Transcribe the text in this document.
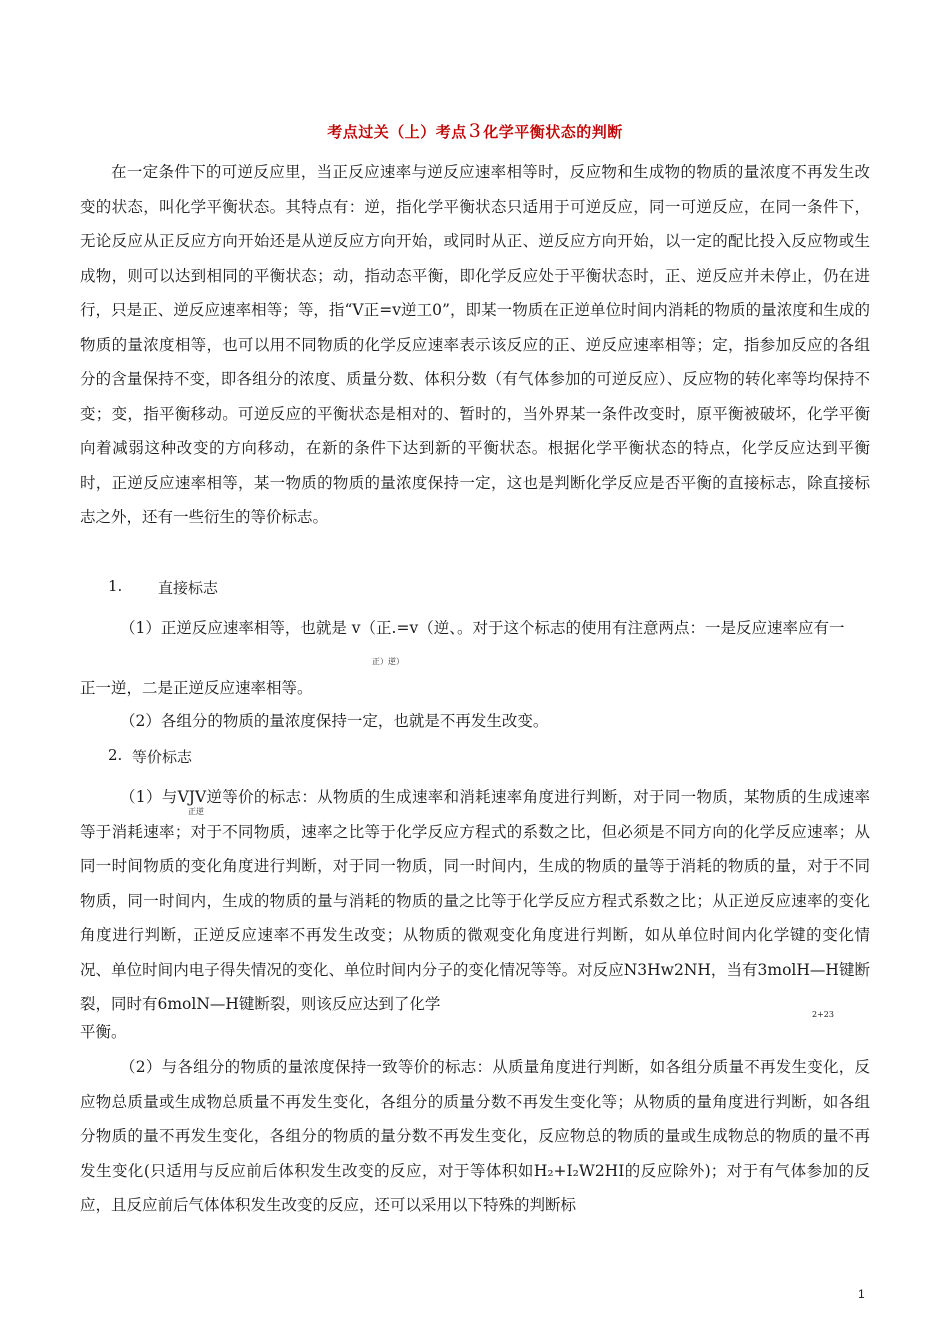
考点过关（上）考点 3 化学平衡状态的判断
在一定条件下的可逆反应里，当正反应速率与逆反应速率相等时，反应物和生成物的物质的量浓度不再发生改变的状态，叫化学平衡状态。其特点有：逆，指化学平衡状态只适用于可逆反应，同一可逆反应，在同一条件下，无论反应从正反应方向开始还是从逆反应方向开始，或同时从正、逆反应方向开始，以一定的配比投入反应物或生成物，则可以达到相同的平衡状态；动，指动态平衡，即化学反应处于平衡状态时，正、逆反应并未停止，仍在进行，只是正、逆反应速率相等；等，指“V正=v逆工0”，即某一物质在正逆单位时间内消耗的物质的量浓度和生成的物质的量浓度相等，也可以用不同物质的化学反应速率表示该反应的正、逆反应速率相等；定，指参加反应的各组分的含量保持不变，即各组分的浓度、质量分数、体积分数（有气体参加的可逆反应）、反应物的转化率等均保持不变；变，指平衡移动。可逆反应的平衡状态是相对的、暂时的，当外界某一条件改变时，原平衡被破坏，化学平衡向着减弱这种改变的方向移动，在新的条件下达到新的平衡状态。根据化学平衡状态的特点，化学反应达到平衡时，正逆反应速率相等，某一物质的物质的量浓度保持一定，这也是判断化学反应是否平衡的直接标志，除直接标志之外，还有一些衍生的等价标志。
1. 直接标志
（1）正逆反应速率相等，也就是 v（正.=v（逆、。对于这个标志的使用有注意两点：一是反应速率应有一
正）逆）
正一逆，二是正逆反应速率相等。
（2）各组分的物质的量浓度保持一定，也就是不再发生改变。
2. 等价标志
（1）与VJV逆等价的标志：从物质的生成速率和消耗速率角度进行判断，对于同一物质，某物质的生成速率等于消耗速率；对于不同物质，速率之比等于化学反应方程式的系数之比，但必须是不同方向的化学反应速率；从同一时间物质的变化角度进行判断，对于同一物质，同一时间内，生成的物质的量等于消耗的物质的量，对于不同物质，同一时间内，生成的物质的量与消耗的物质的量之比等于化学反应方程式系数之比；从正逆反应速率的变化角度进行判断，正逆反应速率不再发生改变；从物质的微观变化角度进行判断，如从单位时间内化学键的变化情况、单位时间内电子得失情况的变化、单位时间内分子的变化情况等等。对反应N3Hw2NH，当有3molH—H键断裂，同时有6molN—H键断裂，则该反应达到了化学
正逆
2+23
平衡。
（2）与各组分的物质的量浓度保持一致等价的标志：从质量角度进行判断，如各组分质量不再发生变化，反应物总质量或生成物总质量不再发生变化，各组分的质量分数不再发生变化等；从物质的量角度进行判断，如各组分物质的量不再发生变化，各组分的物质的量分数不再发生变化，反应物总的物质的量或生成物总的物质的量不再发生变化(只适用与反应前后体积发生改变的反应，对于等体积如H₂+I₂W2HI的反应除外)；对于有气体参加的反应，且反应前后气体体积发生改变的反应，还可以采用以下特殊的判断标
1
